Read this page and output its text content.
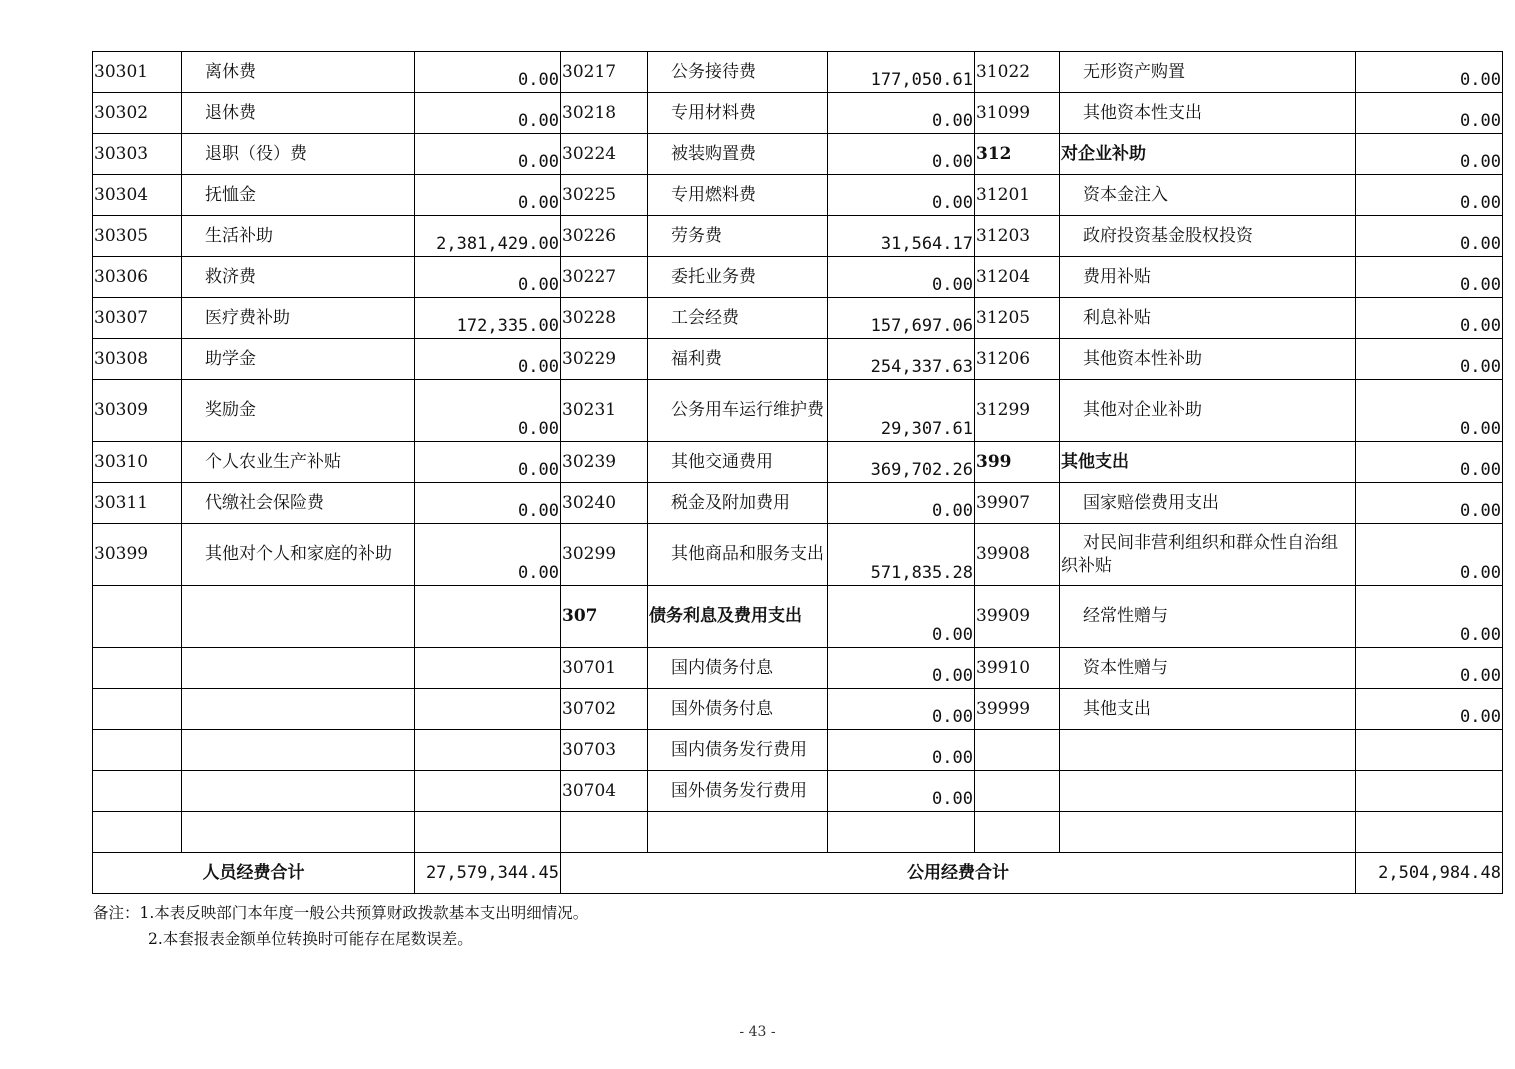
30301	离休费	0.00	30217	公务接待费	177,050.61	31022	无形资产购置	0.00
30302	退休费	0.00	30218	专用材料费	0.00	31099	其他资本性支出	0.00
30303	退职（役）费	0.00	30224	被装购置费	0.00	312	对企业补助	0.00
30304	抚恤金	0.00	30225	专用燃料费	0.00	31201	资本金注入	0.00
30305	生活补助	2,381,429.00	30226	劳务费	31,564.17	31203	政府投资基金股权投资	0.00
30306	救济费	0.00	30227	委托业务费	0.00	31204	费用补贴	0.00
30307	医疗费补助	172,335.00	30228	工会经费	157,697.06	31205	利息补贴	0.00
30308	助学金	0.00	30229	福利费	254,337.63	31206	其他资本性补助	0.00
30309	奖励金	0.00	30231	公务用车运行维护费	29,307.61	31299	其他对企业补助	0.00
30310	个人农业生产补贴	0.00	30239	其他交通费用	369,702.26	399	其他支出	0.00
30311	代缴社会保险费	0.00	30240	税金及附加费用	0.00	39907	国家赔偿费用支出	0.00
30399	其他对个人和家庭的补助	0.00	30299	其他商品和服务支出	571,835.28	39908	对民间非营利组织和群众性自治组织补贴	0.00

		307	债务利息及费用支出	0.00	39909	经常性赠与	0.00

		30701	国内债务付息	0.00	39910	资本性赠与	0.00

		30702	国外债务付息	0.00	39999	其他支出	0.00

		30703	国内债务发行费用	0.00		

		30704	国外债务发行费用	0.00		

人员经费合计		27,579,344.45	公用经费合计					2,504,984.48
备注：1.本表反映部门本年度一般公共预算财政拨款基本支出明细情况。
2.本套报表金额单位转换时可能存在尾数误差。
- 43 -
